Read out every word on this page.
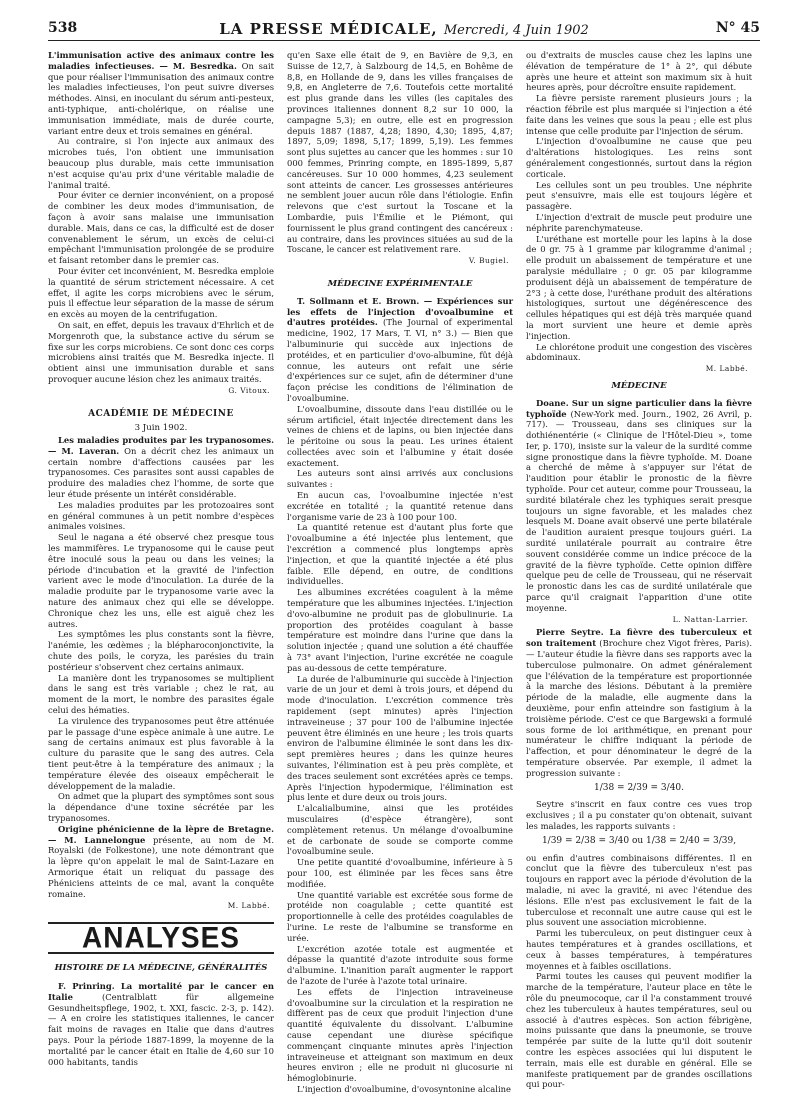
538	LA PRESSE MÉDICALE, Mercredi, 4 Juin 1902	N° 45

L'immunisation active des animaux contre les maladies infectieuses. — M. Besredka. On sait que pour réaliser l'immunisation des animaux contre les maladies infectieuses, l'on peut suivre diverses méthodes. Ainsi, en inoculant du sérum anti-pesteux, anti-typhique, anti-cholérique, on réalise une immunisation immédiate, mais de durée courte, variant entre deux et trois semaines en général.

Au contraire, si l'on injecte aux animaux des microbes tués, l'on obtient une immunisation beaucoup plus durable, mais cette immunisation n'est acquise qu'au prix d'une véritable maladie de l'animal traité.

Pour éviter ce dernier inconvénient, on a proposé de combiner les deux modes d'immunisation, de façon à avoir sans malaise une immunisation durable. Mais, dans ce cas, la difficulté est de doser convenablement le sérum, un excès de celui-ci empêchant l'immunisation prolongée de se produire et faisant retomber dans le premier cas.

Pour éviter cet inconvénient, M. Besredka emploie la quantité de sérum strictement nécessaire. A cet effet, il agite les corps microbiens avec le sérum, puis il effectue leur séparation de la masse de sérum en excès au moyen de la centrifugation.

On sait, en effet, depuis les travaux d'Ehrlich et de Morgenroth que, la substance active du sérum se fixe sur les corps microbiens. Ce sont donc ces corps microbiens ainsi traités que M. Besredka injecte. Il obtient ainsi une immunisation durable et sans provoquer aucune lésion chez les animaux traités.

G. Vitoux.
ACADÉMIE DE MÉDECINE
3 Juin 1902.

Les maladies produites par les trypanosomes. — M. Laveran. On a décrit chez les animaux un certain nombre d'affections causées par les trypanosomes. Ces parasites sont aussi capables de produire des maladies chez l'homme, de sorte que leur étude présente un intérêt considérable.

Les maladies produites par les protozoaires sont en général communes à un petit nombre d'espèces animales voisines.

Seul le nagana a été observé chez presque tous les mammifères. Le trypanosome qui le cause peut être inoculé sous la peau ou dans les veines; la période d'incubation et la gravité de l'infection varient avec le mode d'inoculation. La durée de la maladie produite par le trypanosome varie avec la nature des animaux chez qui elle se développe. Chronique chez les uns, elle est aiguë chez les autres.

Les symptômes les plus constants sont la fièvre, l'anémie, les œdèmes ; la blépharoconjonctivite, la chute des poils, le coryza, les parésies du train postérieur s'observent chez certains animaux.

La manière dont les trypanosomes se multiplient dans le sang est très variable ; chez le rat, au moment de la mort, le nombre des parasites égale celui des hématies.

La virulence des trypanosomes peut être atténuée par le passage d'une espèce animale à une autre. Le sang de certains animaux est plus favorable à la culture du parasite que le sang des autres. Cela tient peut-être à la température des animaux ; la température élevée des oiseaux empêcherait le développement de la maladie.

On admet que la plupart des symptômes sont sous la dépendance d'une toxine sécrétée par les trypanosomes.

Origine phénicienne de la lèpre de Bretagne. — M. Lannelongue présente, au nom de M. Royalski (de Folkestone), une note démontrant que la lèpre qu'on appelait le mal de Saint-Lazare en Armorique était un reliquat du passage des Phéniciens atteints de ce mal, avant la conquête romaine.

M. Labbé.
ANALYSES
HISTOIRE DE LA MÉDECINE, GÉNÉRALITÉS

F. Prinring. La mortalité par le cancer en Italie (Centralblatt für allgemeine Gesundheitspflege, 1902, t. XXI, fascic. 2-3, p. 142). — A en croire les statistiques italiennes, le cancer fait moins de ravages en Italie que dans d'autres pays. Pour la période 1887-1899, la moyenne de la mortalité par le cancer était en Italie de 4,60 sur 10 000 habitants, tandis

qu'en Saxe elle était de 9, en Bavière de 9,3, en Suisse de 12,7, à Salzbourg de 14,5, en Bohême de 8,8, en Hollande de 9, dans les villes françaises de 9,8, en Angleterre de 7,6. Toutefois cette mortalité est plus grande dans les villes (les capitales des provinces italiennes donnent 8,2 sur 10 000, la campagne 5,3); en outre, elle est en progression depuis 1887 (1887, 4,28; 1890, 4,30; 1895, 4,87; 1897, 5,09; 1898, 5,17; 1899, 5,19). Les femmes sont plus sujettes au cancer que les hommes : sur 10 000 femmes, Prinring compte, en 1895-1899, 5,87 cancéreuses. Sur 10 000 hommes, 4,23 seulement sont atteints de cancer. Les grossesses antérieures ne semblent jouer aucun rôle dans l'étiologie. Enfin relevons que c'est surtout la Toscane et la Lombardie, puis l'Émilie et le Piémont, qui fournissent le plus grand contingent des cancéreux : au contraire, dans les provinces situées au sud de la Toscane, le cancer est relativement rare.

V. Bugiel.
MÉDECINE EXPÉRIMENTALE

T. Sollmann et E. Brown. — Expériences sur les effets de l'injection d'ovoalbumine et d'autres protéides. (The Journal of experimental medicine, 1902, 17 Mars, T. VI, n° 3.) — Bien que l'albuminurie qui succède aux injections de protéides, et en particulier d'ovo-albumine, fût déjà connue, les auteurs ont refait une série d'expériences sur ce sujet, afin de déterminer d'une façon précise les conditions de l'élimination de l'ovoalbumine.

L'ovoalbumine, dissoute dans l'eau distillée ou le sérum artificiel, était injectée directement dans les veines de chiens et de lapins, ou bien injectée dans le péritoine ou sous la peau. Les urines étaient collectées avec soin et l'albumine y était dosée exactement.

Les auteurs sont ainsi arrivés aux conclusions suivantes :

En aucun cas, l'ovoalbumine injectée n'est excrétée en totalité ; la quantité retenue dans l'organisme varie de 23 à 100 pour 100.

La quantité retenue est d'autant plus forte que l'ovoalbumine a été injectée plus lentement, que l'excrétion a commencé plus longtemps après l'injection, et que la quantité injectée a été plus faible. Elle dépend, en outre, de conditions individuelles.

Les albumines excrétées coagulent à la même température que les albumines injectées. L'injection d'ovo-albumine ne produit pas de globulinurie. La proportion des protéides coagulant à basse température est moindre dans l'urine que dans la solution injectée ; quand une solution a été chauffée à 73° avant l'injection, l'urine excrétée ne coagule pas au-dessous de cette température.

La durée de l'albuminurie qui succède à l'injection varie de un jour et demi à trois jours, et dépend du mode d'inoculation. L'excrétion commence très rapidement (sept minutes) après l'injection intraveineuse ; 37 pour 100 de l'albumine injectée peuvent être éliminés en une heure ; les trois quarts environ de l'albumine éliminée le sont dans les dix-sept premières heures ; dans les quinze heures suivantes, l'élimination est à peu près complète, et des traces seulement sont excrétées après ce temps. Après l'injection hypodermique, l'élimination est plus lente et dure deux ou trois jours.

L'alcalialbumine, ainsi que les protéides musculaires (d'espèce étrangère), sont complètement retenus. Un mélange d'ovoalbumine et de carbonate de soude se comporte comme l'ovoalbumine seule.

Une petite quantité d'ovoalbumine, inférieure à 5 pour 100, est éliminée par les fèces sans être modifiée.

Une quantité variable est excrétée sous forme de protéide non coagulable ; cette quantité est proportionnelle à celle des protéides coagulables de l'urine. Le reste de l'albumine se transforme en urée.

L'excrétion azotée totale est augmentée et dépasse la quantité d'azote introduite sous forme d'albumine. L'inanition paraît augmenter le rapport de l'azote de l'urée à l'azote total urinaire.

Les effets de l'injection intraveineuse d'ovoalbumine sur la circulation et la respiration ne diffèrent pas de ceux que produit l'injection d'une quantité équivalente du dissolvant. L'albumine cause cependant une diurèse spécifique commençant cinquante minutes après l'injection intraveineuse et atteignant son maximum en deux heures environ ; elle ne produit ni glucosurie ni hémoglobinurie.

L'injection d'ovoalbumine, d'ovosyntonine alcaline

ou d'extraits de muscles cause chez les lapins une élévation de température de 1° à 2°, qui débute après une heure et atteint son maximum six à huit heures après, pour décroître ensuite rapidement.

La fièvre persiste rarement plusieurs jours ; la réaction fébrile est plus marquée si l'injection a été faite dans les veines que sous la peau ; elle est plus intense que celle produite par l'injection de sérum.

L'injection d'ovoalbumine ne cause que peu d'altérations histologiques. Les reins sont généralement congestionnés, surtout dans la région corticale.

Les cellules sont un peu troubles. Une néphrite peut s'ensuivre, mais elle est toujours légère et passagère.

L'injection d'extrait de muscle peut produire une néphrite parenchymateuse.

L'uréthane est mortelle pour les lapins à la dose de 0 gr. 75 à 1 gramme par kilogramme d'animal ; elle produit un abaissement de température et une paralysie médullaire ; 0 gr. 05 par kilogramme produisent déjà un abaissement de température de 2°3 ; à cette dose, l'uréthane produit des altérations histologiques, surtout une dégénérescence des cellules hépatiques qui est déjà très marquée quand la mort survient une heure et demie après l'injection.

Le chlorétone produit une congestion des viscères abdominaux.

M. Labbé.
MÉDECINE

Doane. Sur un signe particulier dans la fièvre typhoïde (New-York med. Journ., 1902, 26 Avril, p. 717). — Trousseau, dans ses cliniques sur la dothiénentérie (« Clinique de l'Hôtel-Dieu », tome Ier, p. 170), insiste sur la valeur de la surdité comme signe pronostique dans la fièvre typhoïde. M. Doane a cherché de même à s'appuyer sur l'état de l'audition pour établir le pronostic de la fièvre typhoïde. Pour cet auteur, comme pour Trousseau, la surdité bilatérale chez les typhiques serait presque toujours un signe favorable, et les malades chez lesquels M. Doane avait observé une perte bilatérale de l'audition auraient presque toujours guéri. La surdité unilatérale pourrait au contraire être souvent considérée comme un indice précoce de la gravité de la fièvre typhoïde. Cette opinion diffère quelque peu de celle de Trousseau, qui ne réservait le pronostic dans les cas de surdité unilatérale que parce qu'il craignait l'apparition d'une otite moyenne.

L. Nattan-Larrier.

Pierre Seytre. La fièvre des tuberculeux et son traitement (Brochure chez Vigot frères, Paris). — L'auteur étudie la fièvre dans ses rapports avec la tuberculose pulmonaire. On admet généralement que l'élévation de la température est proportionnée à la marche des lésions. Débutant à la première période de la maladie, elle augmente dans la deuxième, pour enfin atteindre son fastigium à la troisième période. C'est ce que Bargewski a formulé sous forme de loi arithmétique, en prenant pour numérateur le chiffre indiquant la période de l'affection, et pour dénominateur le degré de la température observée. Par exemple, il admet la progression suivante :

1/38 = 2/39 = 3/40.

Seytre s'inscrit en faux contre ces vues trop exclusives ; il a pu constater qu'on obtenait, suivant les malades, les rapports suivants :

1/39 = 2/38 = 3/40 ou 1/38 = 2/40 = 3/39,

ou enfin d'autres combinaisons différentes. Il en conclut que la fièvre des tuberculeux n'est pas toujours en rapport avec la période d'évolution de la maladie, ni avec la gravité, ni avec l'étendue des lésions. Elle n'est pas exclusivement le fait de la tuberculose et reconnaît une autre cause qui est le plus souvent une association microbienne.

Parmi les tuberculeux, on peut distinguer ceux à hautes températures et à grandes oscillations, et ceux à basses températures, à températures moyennes et à faibles oscillations.

Parmi toutes les causes qui peuvent modifier la marche de la température, l'auteur place en tête le rôle du pneumocoque, car il l'a constamment trouvé chez les tuberculeux à hautes températures, seul ou associé à d'autres espèces. Son action fébrigène, moins puissante que dans la pneumonie, se trouve tempérée par suite de la lutte qu'il doit soutenir contre les espèces associées qui lui disputent le terrain, mais elle est durable en général. Elle se manifeste pratiquement par de grandes oscillations qui pour-
